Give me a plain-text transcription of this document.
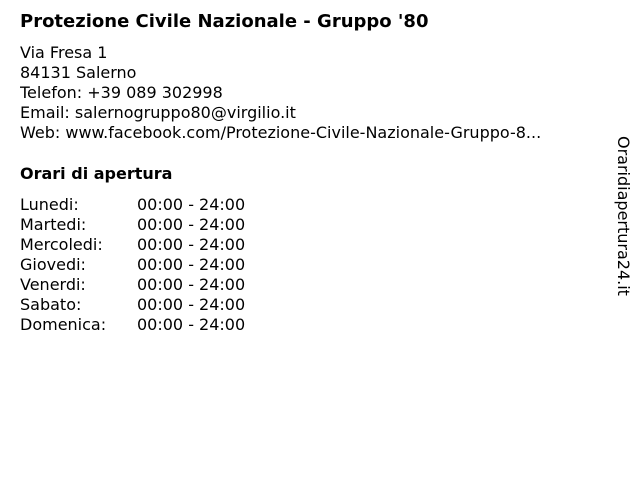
Protezione Civile Nazionale - Gruppo '80
Via Fresa 1
84131 Salerno
Telefon: +39 089 302998
Email: salernogruppo80@virgilio.it
Web: www.facebook.com/Protezione-Civile-Nazionale-Gruppo-8...
Orari di apertura
Lunedi:	00:00 - 24:00
Martedi:	00:00 - 24:00
Mercoledi:	00:00 - 24:00
Giovedi:	00:00 - 24:00
Venerdi:	00:00 - 24:00
Sabato:	00:00 - 24:00
Domenica:	00:00 - 24:00
Oraridiapertura24.it
